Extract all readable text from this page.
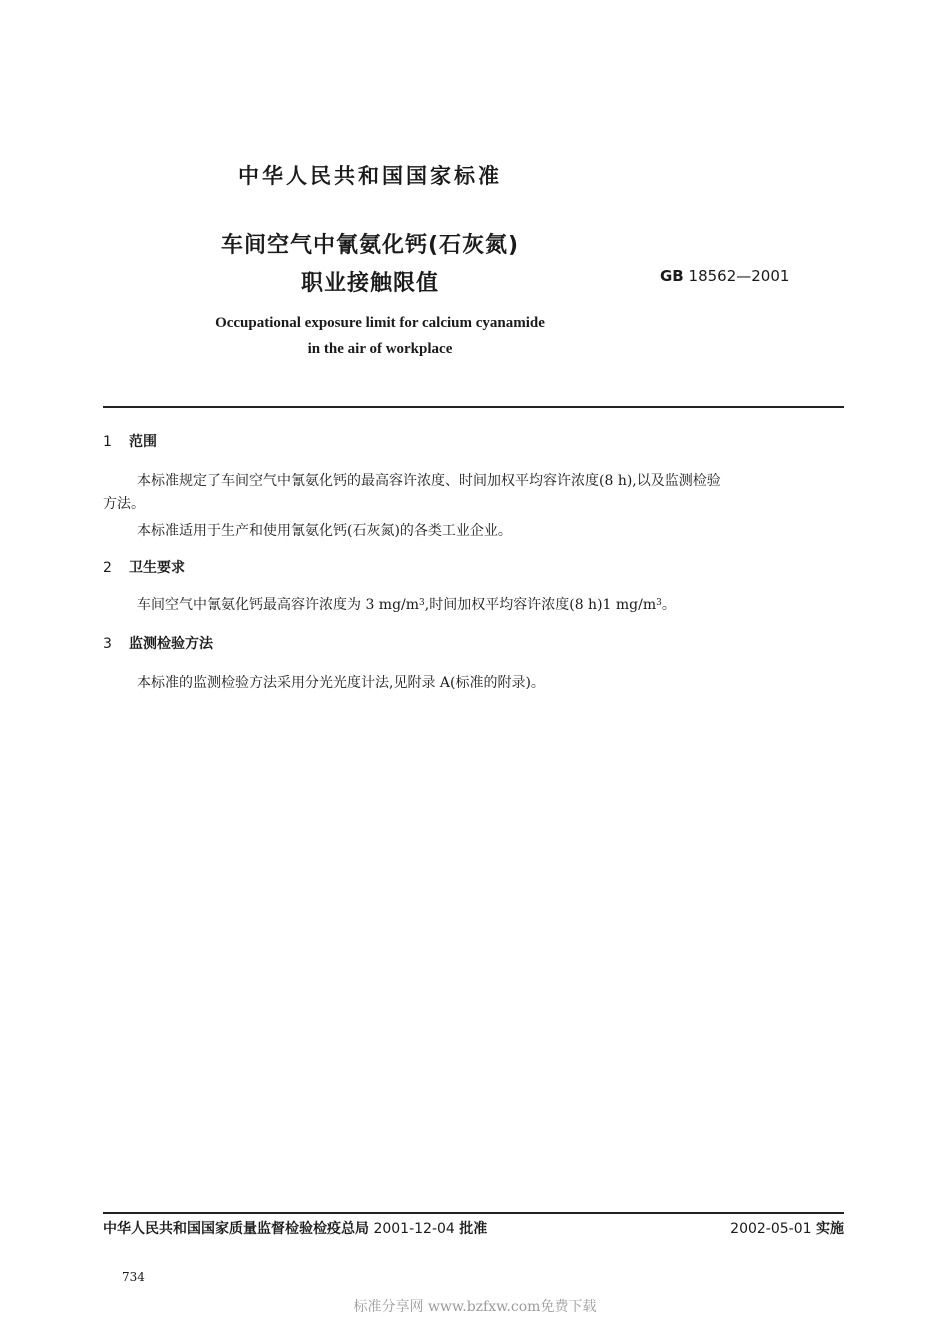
中华人民共和国国家标准
车间空气中氰氨化钙(石灰氮)
职业接触限值	GB 18562—2001
Occupational exposure limit for calcium cyanamide
in the air of workplace
1 范围
本标准规定了车间空气中氰氨化钙的最高容许浓度、时间加权平均容许浓度(8 h),以及监测检验
方法。
本标准适用于生产和使用氰氨化钙(石灰氮)的各类工业企业。
2 卫生要求
车间空气中氰氨化钙最高容许浓度为 3 $mg/m^3$,时间加权平均容许浓度(8 h)1 $mg/m^3$。
3 监测检验方法
本标准的监测检验方法采用分光光度计法,见附录 A(标准的附录)。
中华人民共和国国家质量监督检验检疫总局 2001-12-04 批准	2002-05-01 实施
734
标准分享网 www.bzfxw.com免费下载
